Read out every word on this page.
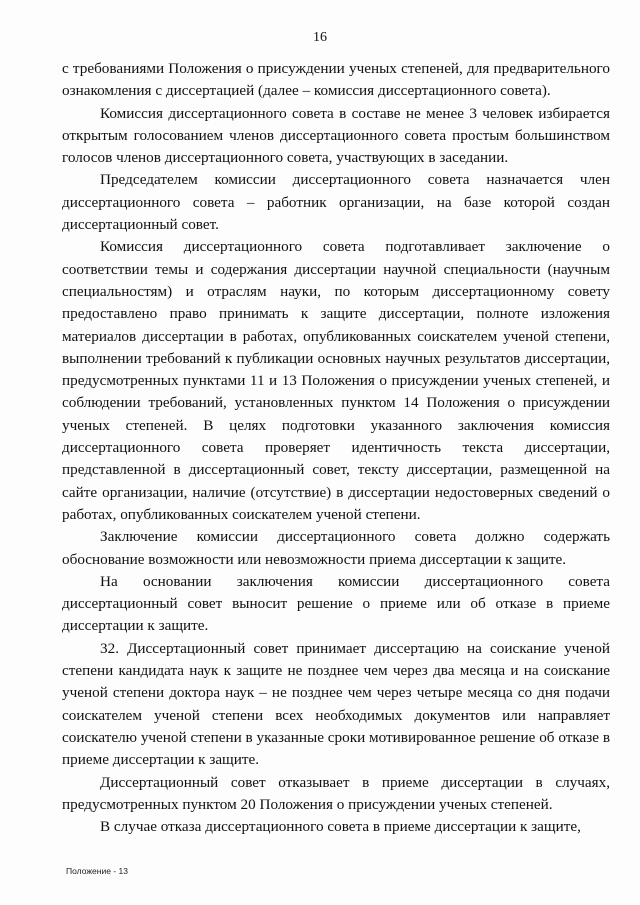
16

с требованиями Положения о присуждении ученых степеней, для предварительного ознакомления с диссертацией (далее – комиссия диссертационного совета).

Комиссия диссертационного совета в составе не менее 3 человек избирается открытым голосованием членов диссертационного совета простым большинством голосов членов диссертационного совета, участвующих в заседании.

Председателем комиссии диссертационного совета назначается член диссертационного совета – работник организации, на базе которой создан диссертационный совет.

Комиссия диссертационного совета подготавливает заключение о соответствии темы и содержания диссертации научной специальности (научным специальностям) и отраслям науки, по которым диссертационному совету предоставлено право принимать к защите диссертации, полноте изложения материалов диссертации в работах, опубликованных соискателем ученой степени, выполнении требований к публикации основных научных результатов диссертации, предусмотренных пунктами 11 и 13 Положения о присуждении ученых степеней, и соблюдении требований, установленных пунктом 14 Положения о присуждении ученых степеней. В целях подготовки указанного заключения комиссия диссертационного совета проверяет идентичность текста диссертации, представленной в диссертационный совет, тексту диссертации, размещенной на сайте организации, наличие (отсутствие) в диссертации недостоверных сведений о работах, опубликованных соискателем ученой степени.

Заключение комиссии диссертационного совета должно содержать обоснование возможности или невозможности приема диссертации к защите.

На основании заключения комиссии диссертационного совета диссертационный совет выносит решение о приеме или об отказе в приеме диссертации к защите.

32. Диссертационный совет принимает диссертацию на соискание ученой степени кандидата наук к защите не позднее чем через два месяца и на соискание ученой степени доктора наук – не позднее чем через четыре месяца со дня подачи соискателем ученой степени всех необходимых документов или направляет соискателю ученой степени в указанные сроки мотивированное решение об отказе в приеме диссертации к защите.

Диссертационный совет отказывает в приеме диссертации в случаях, предусмотренных пунктом 20 Положения о присуждении ученых степеней.

В случае отказа диссертационного совета в приеме диссертации к защите,

Положение - 13
